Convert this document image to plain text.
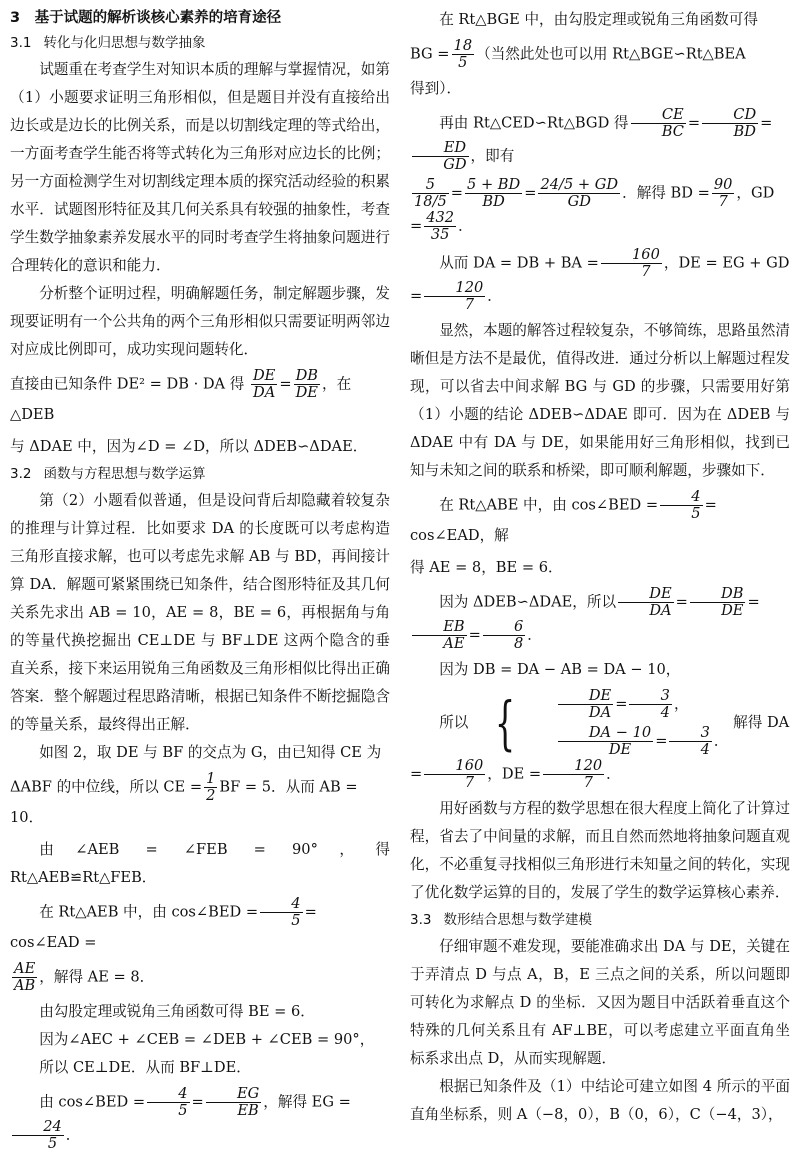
3　基于试题的解析谈核心素养的培育途径
3.1 转化与化归思想与数学抽象
试题重在考查学生对知识本质的理解与掌握情况，如第（1）小题要求证明三角形相似，但是题目并没有直接给出边长或是边长的比例关系，而是以切割线定理的等式给出，一方面考查学生能否将等式转化为三角形对应边长的比例；另一方面检测学生对切割线定理本质的探究活动经验的积累水平．试题图形特征及其几何关系具有较强的抽象性，考查学生数学抽象素养发展水平的同时考查学生将抽象问题进行合理转化的意识和能力．
分析整个证明过程，明确解题任务，制定解题步骤，发现要证明有一个公共角的两个三角形相似只需要证明两邻边对应成比例即可，成功实现问题转化．
直接由已知条件 DE² = DB · DA 得 $\frac{DE}{DA} = \frac{DB}{DE}$ ，在△DEB
与 ΔDAE 中，因为∠D = ∠D，所以 ΔDEB∽ΔDAE．
3.2 函数与方程思想与数学运算
第（2）小题看似普通，但是设问背后却隐藏着较复杂的推理与计算过程．比如要求 DA 的长度既可以考虑构造三角形直接求解，也可以考虑先求解 AB 与 BD，再间接计算 DA．解题可紧紧围绕已知条件，结合图形特征及其几何关系先求出 AB = 10，AE = 8，BE = 6，再根据角与角的等量代换挖掘出 CE⊥DE 与 BF⊥DE 这两个隐含的垂直关系，接下来运用锐角三角函数及三角形相似比得出正确答案．整个解题过程思路清晰，根据已知条件不断挖掘隐含的等量关系，最终得出正解．
如图 2，取 DE 与 BF 的交点为 G，由已知得 CE 为
ΔABF 的中位线，所以 CE = $\frac{1}{2}$ BF = 5．从而 AB = 10．
由∠AEB = ∠FEB = 90°，得 Rt△AEB≌Rt△FEB．
在 Rt△AEB 中，由 cos∠BED = $\frac{4}{5}$ = cos∠EAD =
$\frac{AE}{AB}$ ，解得 AE = 8．
由勾股定理或锐角三角函数可得 BE = 6．
因为∠AEC + ∠CEB = ∠DEB + ∠CEB = 90°，
所以 CE⊥DE．从而 BF⊥DE．
由 cos∠BED = $\frac{4}{5} = \frac{EG}{EB}$ ，解得 EG =
$\frac{24}{5}$ ．
在 Rt△BGE 中，由勾股定理或锐角三角函数可得
BG = $\frac{18}{5}$ （当然此处也可以用 Rt△BGE∽Rt△BEA
得到）．
再由 Rt△CED∽Rt△BGD 得 $\frac{CE}{BC} = \frac{CD}{BD}$ =
$\frac{ED}{GD}$ ，即有
$\frac{5}{18/5} = \frac{5 + BD}{BD} = \frac{24/5 + GD}{GD}$ ．解得 BD = $\frac{90}{7}$ ，GD = $\frac{432}{35}$ ．
从而 DA = DB + BA = $\frac{160}{7}$ ，DE = EG + GD = $\frac{120}{7}$ ．
显然，本题的解答过程较复杂，不够简练，思路虽然清晰但是方法不是最优，值得改进．通过分析以上解题过程发现，可以省去中间求解 BG 与 GD 的步骤，只需要用好第（1）小题的结论 ΔDEB∽ΔDAE 即可．因为在 ΔDEB 与 ΔDAE 中有 DA 与 DE，如果能用好三角形相似，找到已知与未知之间的联系和桥梁，即可顺利解题，步骤如下．
在 Rt△ABE 中，由 cos∠BED = $\frac{4}{5}$ = cos∠EAD，解
得 AE = 8，BE = 6．
因为 ΔDEB∽ΔDAE，所以 $\frac{DE}{DA} = \frac{DB}{DE}$ =
$\frac{EB}{AE} = \frac{6}{8}$ ．
因为 DB = DA − AB = DA − 10，
所以 {	$\frac{DE}{DA} = \frac{3}{4}$ ，
$\frac{DA - 10}{DE} = \frac{3}{4}$ ．
解得 DA = $\frac{160}{7}$ ，DE = $\frac{120}{7}$ ．
用好函数与方程的数学思想在很大程度上简化了计算过程，省去了中间量的求解，而且自然而然地将抽象问题直观化，不必重复寻找相似三角形进行未知量之间的转化，实现了优化数学运算的目的，发展了学生的数学运算核心素养．
3.3 数形结合思想与数学建模
仔细审题不难发现，要能准确求出 DA 与 DE，关键在于弄清点 D 与点 A，B，E 三点之间的关系，所以问题即可转化为求解点 D 的坐标．又因为题目中活跃着垂直这个特殊的几何关系且有 AF⊥BE，可以考虑建立平面直角坐标系求出点 D，从而实现解题．
根据已知条件及（1）中结论可建立如图 4 所示的平面直角坐标系，则 A（−8，0），B（0，6），C（−4，3），
